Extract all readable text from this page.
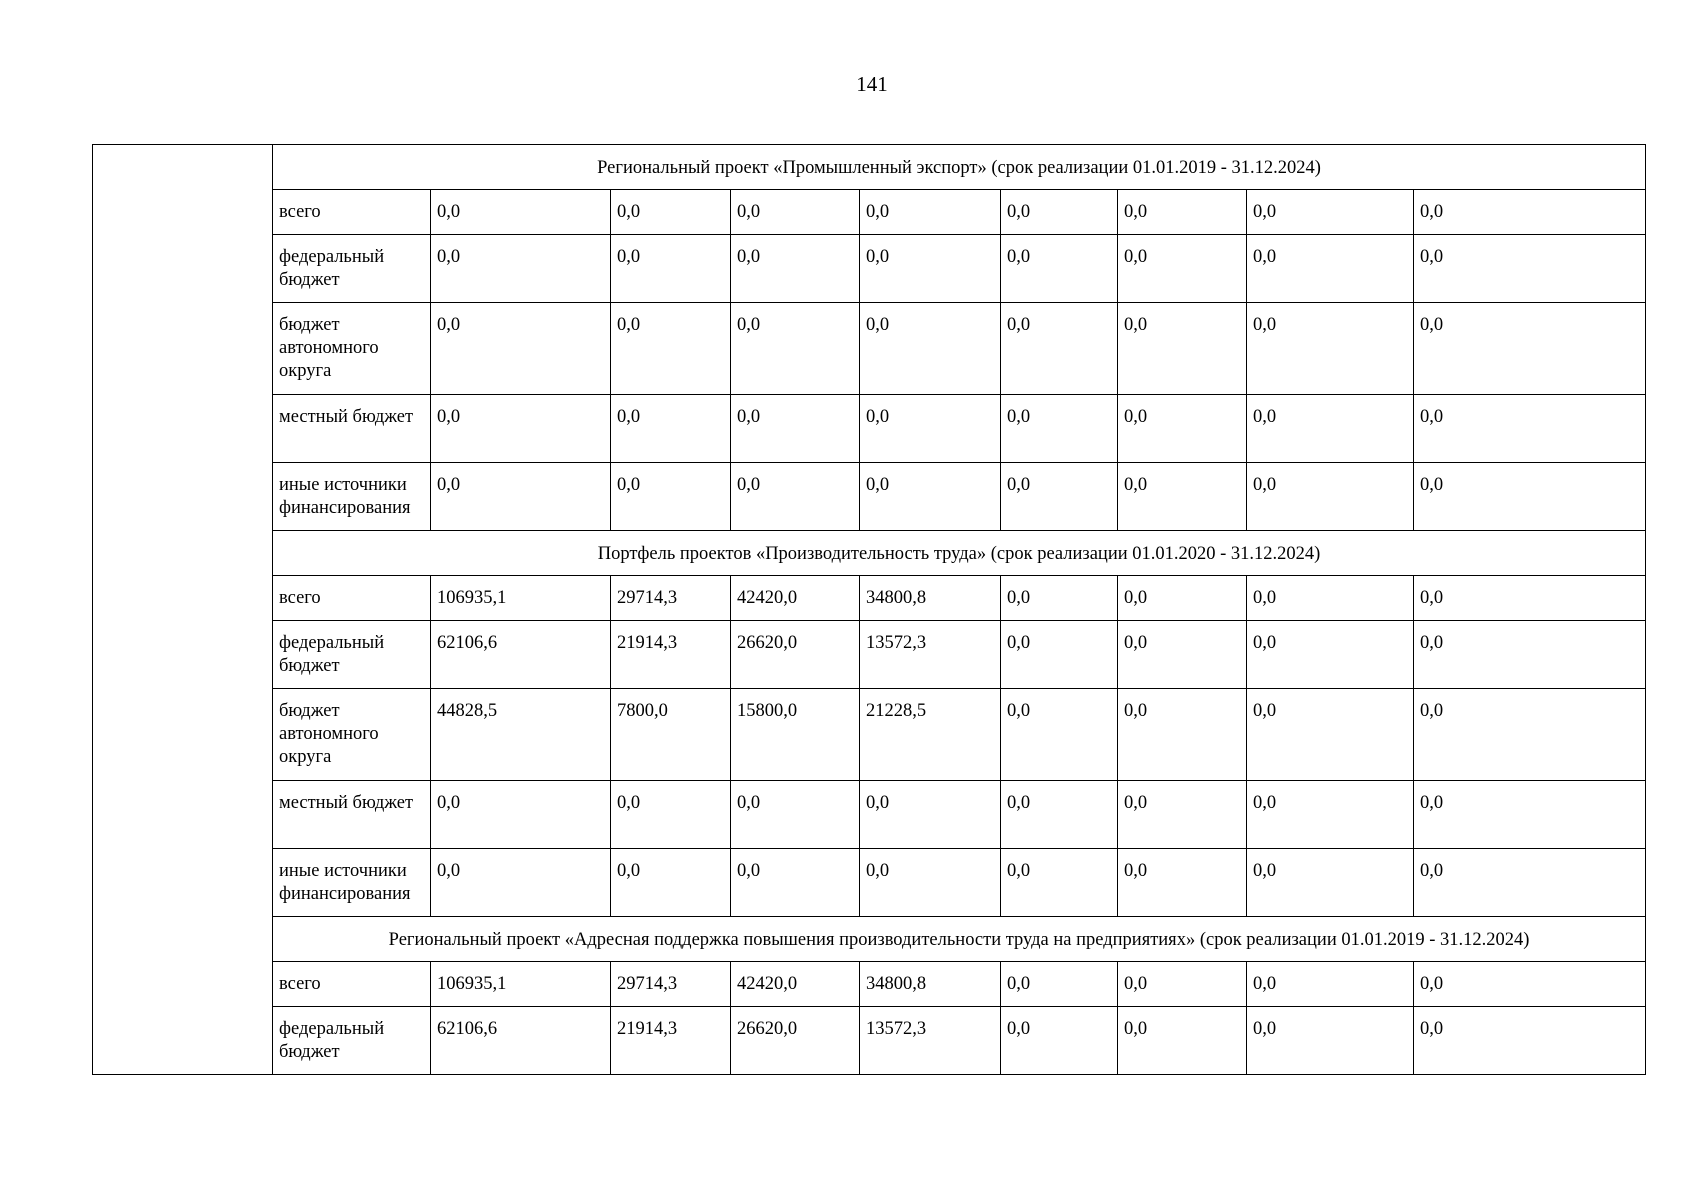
141
	Региональный проект «Промышленный экспорт» (срок реализации 01.01.2019 - 31.12.2024)								
	всего	0,0	0,0	0,0	0,0	0,0	0,0	0,0	0,0
	федеральный бюджет	0,0	0,0	0,0	0,0	0,0	0,0	0,0	0,0
	бюджет автономного округа	0,0	0,0	0,0	0,0	0,0	0,0	0,0	0,0
	местный бюджет	0,0	0,0	0,0	0,0	0,0	0,0	0,0	0,0
	иные источники финансирования	0,0	0,0	0,0	0,0	0,0	0,0	0,0	0,0
	Портфель проектов «Производительность труда» (срок реализации 01.01.2020 - 31.12.2024)								
	всего	106935,1	29714,3	42420,0	34800,8	0,0	0,0	0,0	0,0
	федеральный бюджет	62106,6	21914,3	26620,0	13572,3	0,0	0,0	0,0	0,0
	бюджет автономного округа	44828,5	7800,0	15800,0	21228,5	0,0	0,0	0,0	0,0
	местный бюджет	0,0	0,0	0,0	0,0	0,0	0,0	0,0	0,0
	иные источники финансирования	0,0	0,0	0,0	0,0	0,0	0,0	0,0	0,0
	Региональный проект «Адресная поддержка повышения производительности труда на предприятиях» (срок реализации 01.01.2019 - 31.12.2024)								
	всего	106935,1	29714,3	42420,0	34800,8	0,0	0,0	0,0	0,0
	федеральный бюджет	62106,6	21914,3	26620,0	13572,3	0,0	0,0	0,0	0,0
